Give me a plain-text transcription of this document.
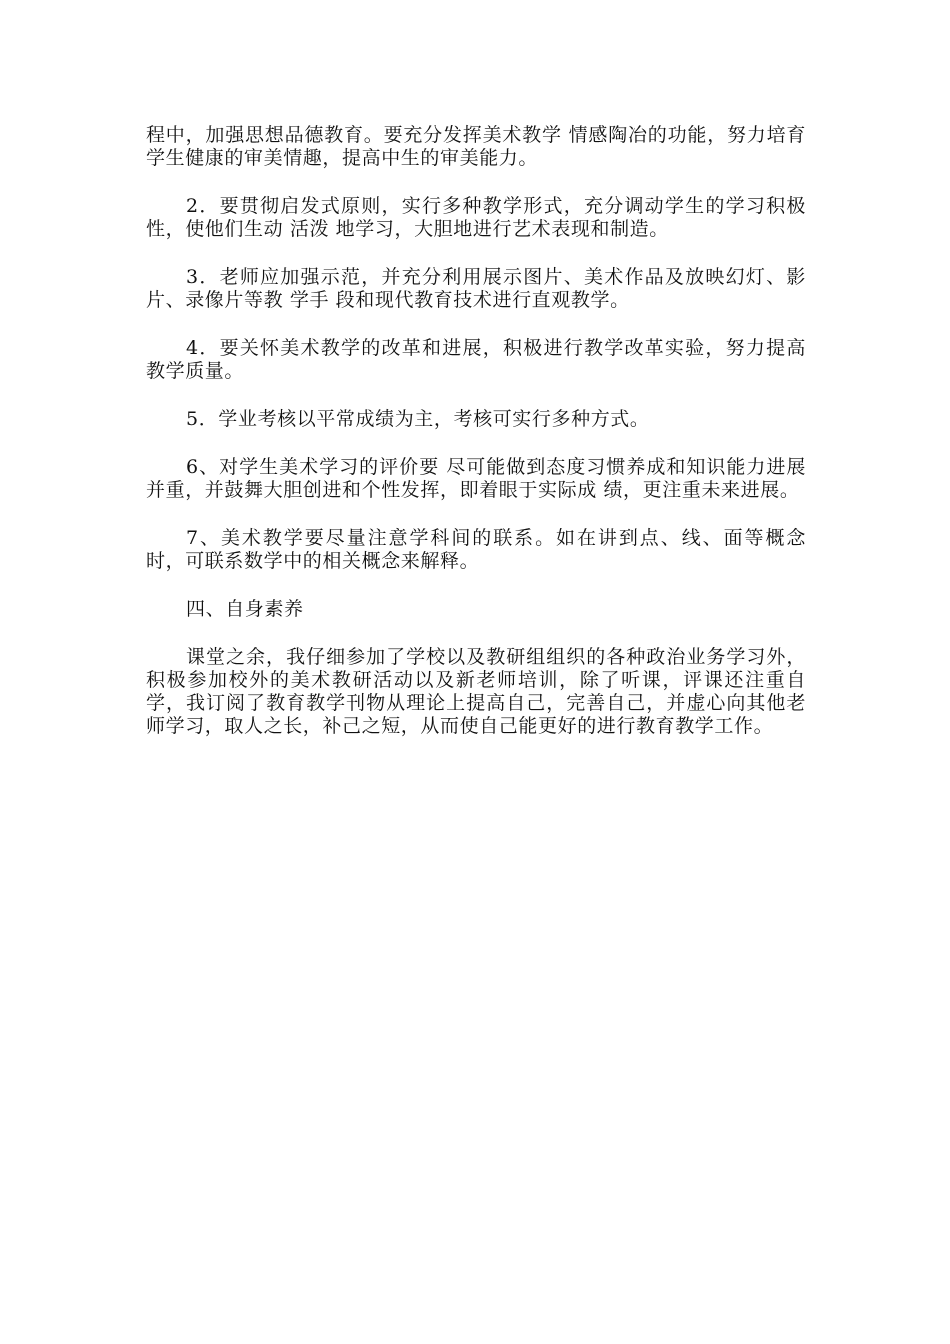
程中，加强思想品德教育。要充分发挥美术教学 情感陶冶的功能，努力培育学生健康的审美情趣，提高中生的审美能力。

2．要贯彻启发式原则，实行多种教学形式，充分调动学生的学习积极性，使他们生动 活泼 地学习，大胆地进行艺术表现和制造。

3．老师应加强示范，并充分利用展示图片、美术作品及放映幻灯、影片、录像片等教 学手 段和现代教育技术进行直观教学。

4．要关怀美术教学的改革和进展，积极进行教学改革实验，努力提高教学质量。

5．学业考核以平常成绩为主，考核可实行多种方式。

6、对学生美术学习的评价要 尽可能做到态度习惯养成和知识能力进展并重，并鼓舞大胆创进和个性发挥，即着眼于实际成 绩，更注重未来进展。

7、美术教学要尽量注意学科间的联系。如在讲到点、线、面等概念时，可联系数学中的相关概念来解释。

四、自身素养

课堂之余，我仔细参加了学校以及教研组组织的各种政治业务学习外，积极参加校外的美术教研活动以及新老师培训，除了听课，评课还注重自学，我订阅了教育教学刊物从理论上提高自己，完善自己，并虚心向其他老师学习，取人之长，补己之短，从而使自己能更好的进行教育教学工作。
